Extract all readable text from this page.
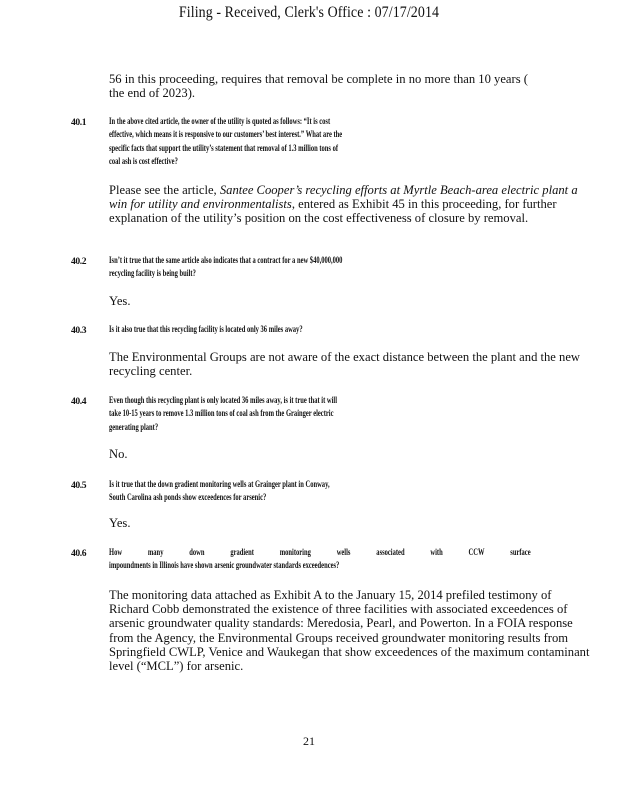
Filing - Received, Clerk's Office : 07/17/2014
56 in this proceeding, requires that removal be complete in no more than 10 years (
the end of 2023).
40.1 In the above cited article, the owner of the utility is quoted as follows: “It is cost
effective, which means it is responsive to our customers’ best interest.” What are the
specific facts that support the utility’s statement that removal of 1.3 million tons of
coal ash is cost effective?
Please see the article, Santee Cooper’s recycling efforts at Myrtle Beach-area electric plant a win for utility and environmentalists, entered as Exhibit 45 in this proceeding, for further explanation of the utility’s position on the cost effectiveness of closure by removal.
40.2 Isn’t it true that the same article also indicates that a contract for a new $40,000,000
recycling facility is being built?
Yes.
40.3 Is it also true that this recycling facility is located only 36 miles away?
The Environmental Groups are not aware of the exact distance between the plant and the new recycling center.
40.4 Even though this recycling plant is only located 36 miles away, is it true that it will
take 10-15 years to remove 1.3 million tons of coal ash from the Grainger electric
generating plant?
No.
40.5 Is it true that the down gradient monitoring wells at Grainger plant in Conway,
South Carolina ash ponds show exceedences for arsenic?
Yes.
40.6 How	many	down	gradient	monitoring	wells	associated	with	CCW	surface
impoundments in Illinois have shown arsenic groundwater standards exceedences?
The monitoring data attached as Exhibit A to the January 15, 2014 prefiled testimony of Richard Cobb demonstrated the existence of three facilities with associated exceedences of arsenic groundwater quality standards: Meredosia, Pearl, and Powerton. In a FOIA response from the Agency, the Environmental Groups received groundwater monitoring results from Springfield CWLP, Venice and Waukegan that show exceedences of the maximum contaminant level (“MCL”) for arsenic.
21
